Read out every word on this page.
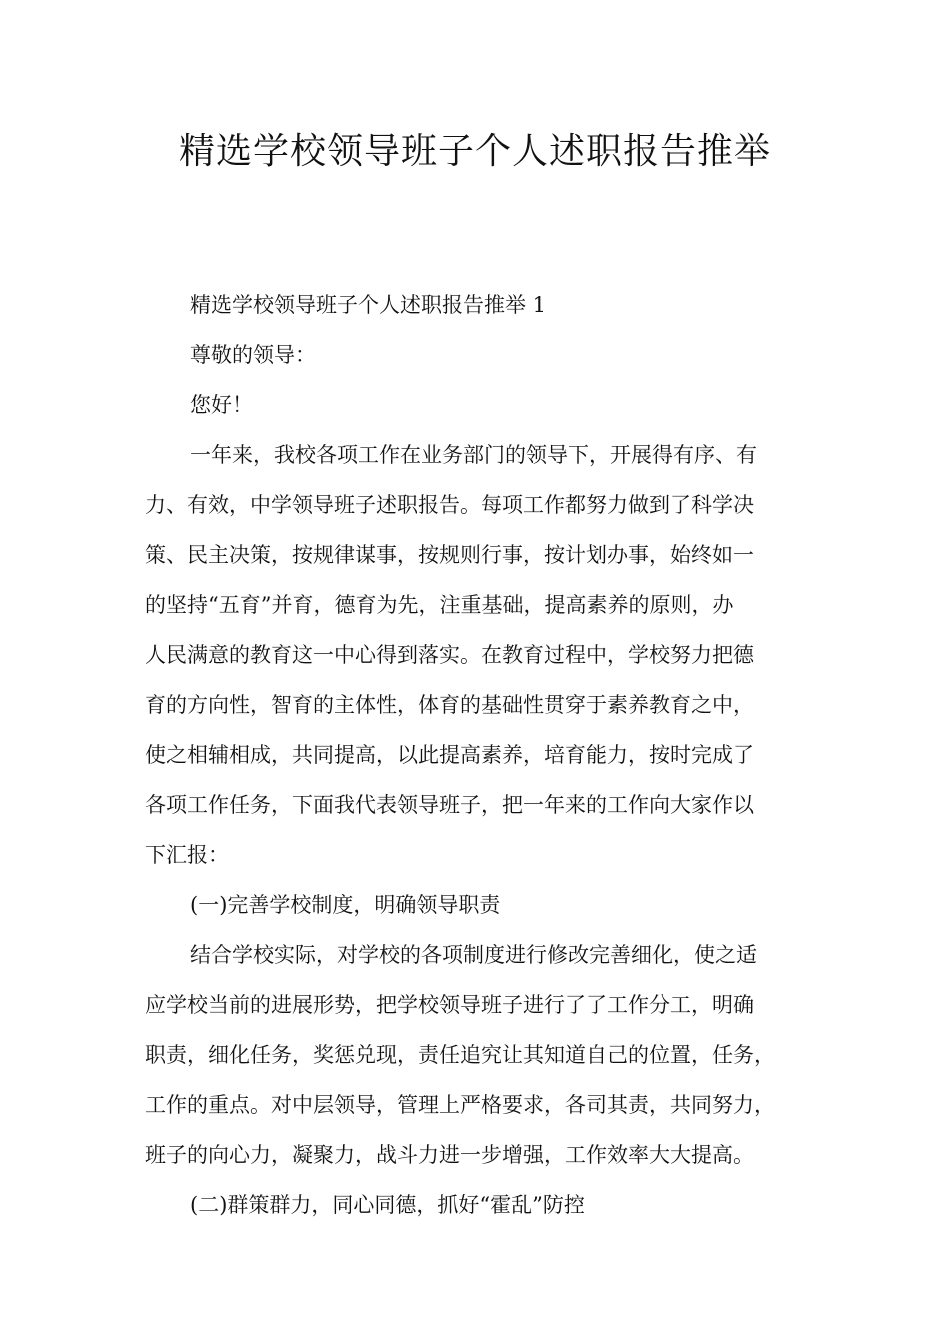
精选学校领导班子个人述职报告推举
精选学校领导班子个人述职报告推举 1
尊敬的领导：
您好！
一年来，我校各项工作在业务部门的领导下，开展得有序、有
力、有效，中学领导班子述职报告。每项工作都努力做到了科学决
策、民主决策，按规律谋事，按规则行事，按计划办事，始终如一
的坚持“五育”并育，德育为先，注重基础，提高素养的原则，办
人民满意的教育这一中心得到落实。在教育过程中，学校努力把德
育的方向性，智育的主体性，体育的基础性贯穿于素养教育之中，
使之相辅相成，共同提高，以此提高素养，培育能力，按时完成了
各项工作任务，下面我代表领导班子，把一年来的工作向大家作以
下汇报：
(一)完善学校制度，明确领导职责
结合学校实际，对学校的各项制度进行修改完善细化，使之适
应学校当前的进展形势，把学校领导班子进行了了工作分工，明确
职责，细化任务，奖惩兑现，责任追究让其知道自己的位置，任务，
工作的重点。对中层领导，管理上严格要求，各司其责，共同努力，
班子的向心力，凝聚力，战斗力进一步增强，工作效率大大提高。
(二)群策群力，同心同德，抓好“霍乱”防控
